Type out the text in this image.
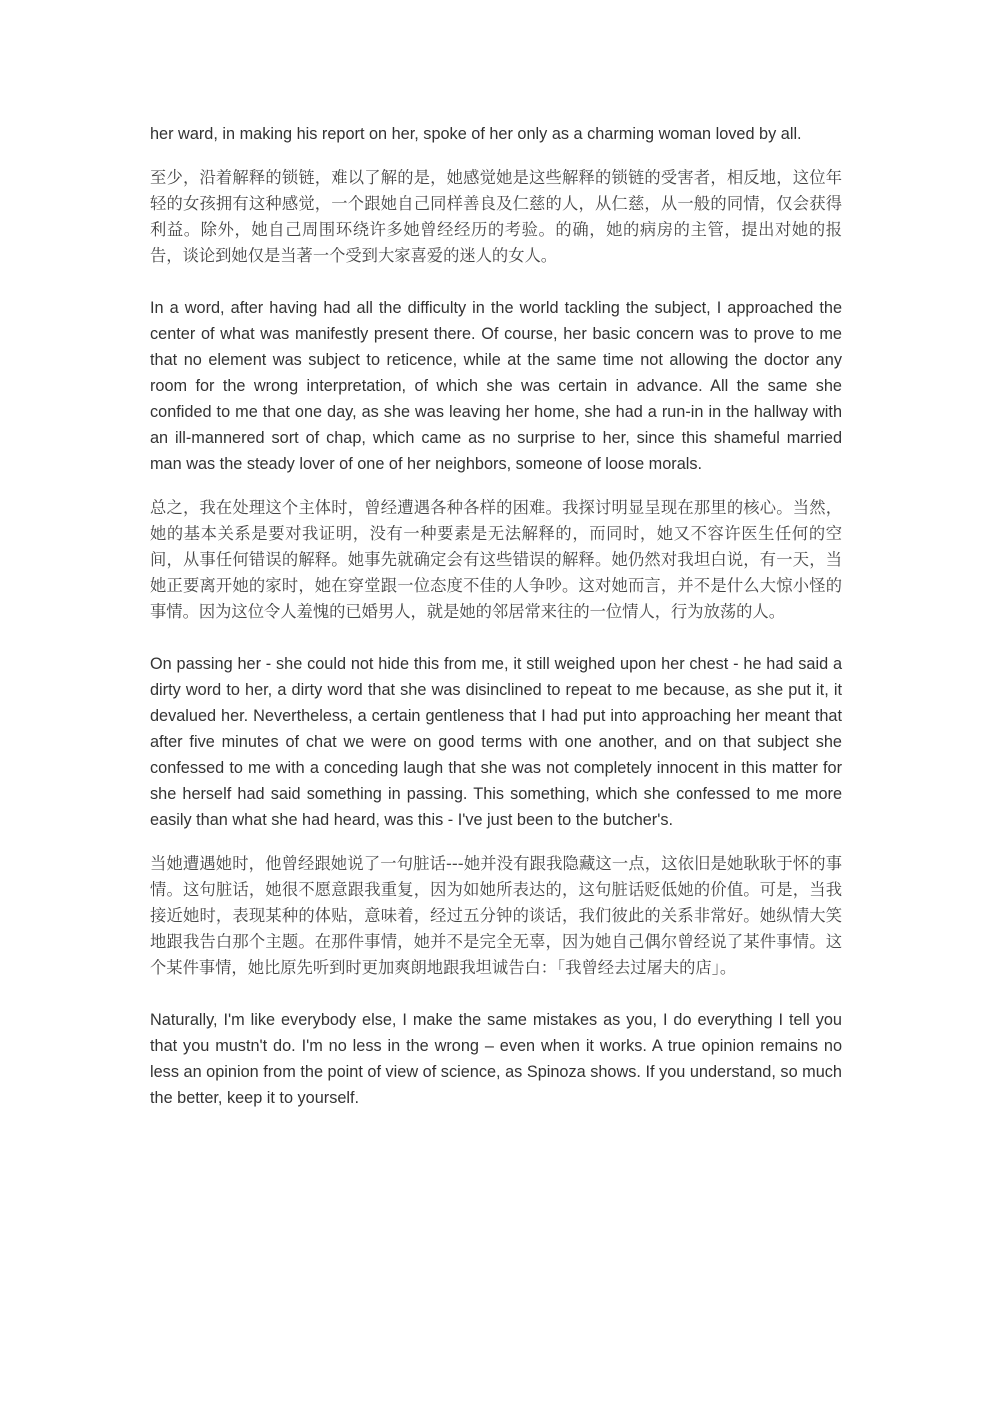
her ward, in making his report on her, spoke of her only as a charming woman loved by all.

至少，沿着解释的锁链，难以了解的是，她感觉她是这些解释的锁链的受害者，相反地，这位年轻的女孩拥有这种感觉，一个跟她自己同样善良及仁慈的人，从仁慈，从一般的同情，仅会获得利益。除外，她自己周围环绕许多她曾经经历的考验。的确，她的病房的主管，提出对她的报告，谈论到她仅是当著一个受到大家喜爱的迷人的女人。

In a word, after having had all the difficulty in the world tackling the subject, I approached the center of what was manifestly present there. Of course, her basic concern was to prove to me that no element was subject to reticence, while at the same time not allowing the doctor any room for the wrong interpretation, of which she was certain in advance. All the same she confided to me that one day, as she was leaving her home, she had a run-in in the hallway with an ill-mannered sort of chap, which came as no surprise to her, since this shameful married man was the steady lover of one of her neighbors, someone of loose morals.

总之，我在处理这个主体时，曾经遭遇各种各样的困难。我探讨明显呈现在那里的核心。当然，她的基本关系是要对我证明，没有一种要素是无法解释的，而同时，她又不容许医生任何的空间，从事任何错误的解释。她事先就确定会有这些错误的解释。她仍然对我坦白说，有一天，当她正要离开她的家时，她在穿堂跟一位态度不佳的人争吵。这对她而言，并不是什么大惊小怪的事情。因为这位令人羞愧的已婚男人，就是她的邻居常来往的一位情人，行为放荡的人。

On passing her - she could not hide this from me, it still weighed upon her chest - he had said a dirty word to her, a dirty word that she was disinclined to repeat to me because, as she put it, it devalued her. Nevertheless, a certain gentleness that I had put into approaching her meant that after five minutes of chat we were on good terms with one another, and on that subject she confessed to me with a conceding laugh that she was not completely innocent in this matter for she herself had said something in passing. This something, which she confessed to me more easily than what she had heard, was this - I've just been to the butcher's.

当她遭遇她时，他曾经跟她说了一句脏话---她并没有跟我隐藏这一点，这依旧是她耿耿于怀的事情。这句脏话，她很不愿意跟我重复，因为如她所表达的，这句脏话贬低她的价值。可是，当我接近她时，表现某种的体贴，意味着，经过五分钟的谈话，我们彼此的关系非常好。她纵情大笑地跟我告白那个主题。在那件事情，她并不是完全无辜，因为她自己偶尔曾经说了某件事情。这个某件事情，她比原先听到时更加爽朗地跟我坦诚告白：「我曾经去过屠夫的店」。

Naturally, I'm like everybody else, I make the same mistakes as you, I do everything I tell you that you mustn't do. I'm no less in the wrong – even when it works. A true opinion remains no less an opinion from the point of view of science, as Spinoza shows. If you understand, so much the better, keep it to yourself.
